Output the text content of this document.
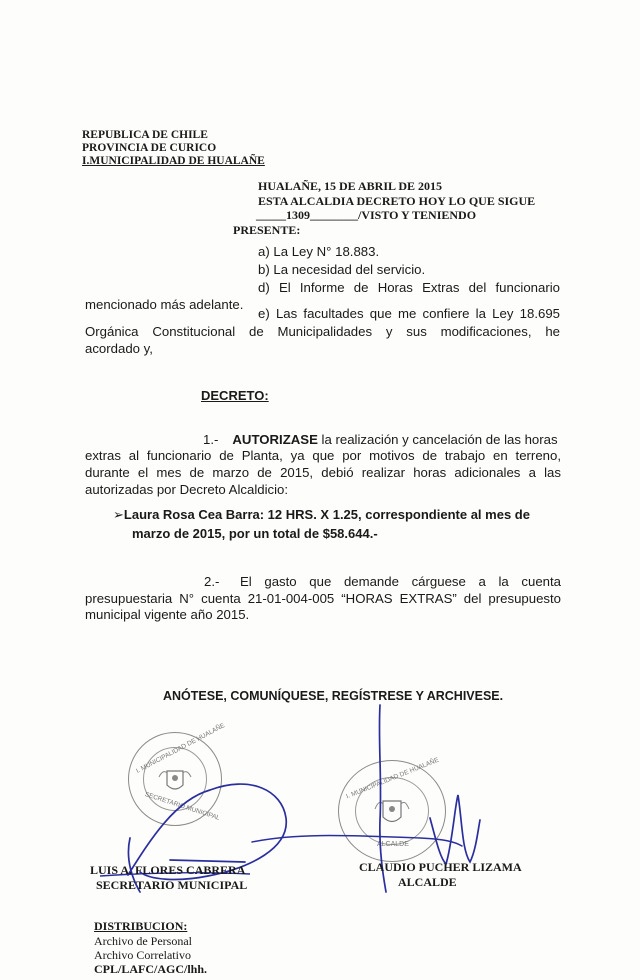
REPUBLICA DE CHILE
PROVINCIA DE CURICO
I.MUNICIPALIDAD DE HUALAÑE
HUALAÑE, 15 DE ABRIL DE 2015
ESTA ALCALDIA DECRETO HOY LO QUE SIGUE
_____1309________/VISTO Y TENIENDO
PRESENTE:
a) La Ley N° 18.883.
b) La necesidad del servicio.
d) El Informe de Horas Extras del funcionario
mencionado más adelante.
e) Las facultades que me confiere la Ley 18.695
Orgánica Constitucional de Municipalidades y sus modificaciones, he
acordado y,
DECRETO:
1.- AUTORIZASE la realización y cancelación de las horas
extras al funcionario de Planta, ya que por motivos de trabajo en terreno,
durante el mes de marzo de 2015, debió realizar horas adicionales a las
autorizadas por Decreto Alcaldicio:
➢Laura Rosa Cea Barra: 12 HRS. X 1.25, correspondiente al mes de
marzo de 2015, por un total de $58.644.-
2.- El gasto que demande cárguese a la cuenta
presupuestaria N° cuenta 21-01-004-005 “HORAS EXTRAS” del presupuesto
municipal vigente año 2015.
ANÓTESE, COMUNÍQUESE, REGÍSTRESE Y ARCHIVESE.
I. MUNICIPALIDAD DE HUALAÑE
SECRETARIO MUNICIPAL
I. MUNICIPALIDAD DE HUALAÑE
ALCALDE
LUIS A. FLORES CABRERA
SECRETARIO MUNICIPAL
CLAUDIO PUCHER LIZAMA
ALCALDE
DISTRIBUCION:
Archivo de Personal
Archivo Correlativo
CPL/LAFC/AGC/lhh.
